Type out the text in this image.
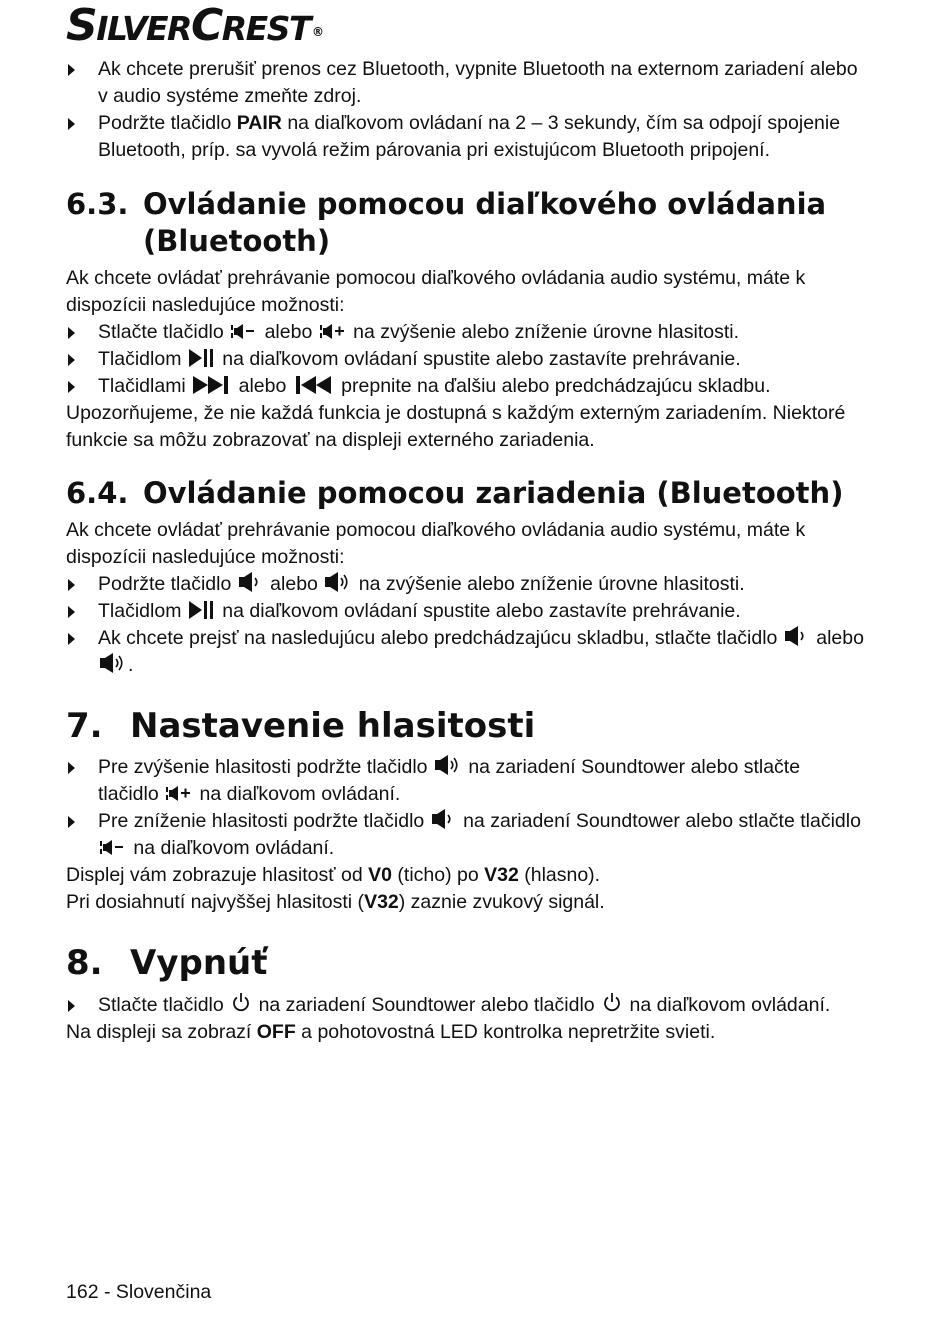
SILVERCREST ®

Ak chcete prerušiť prenos cez Bluetooth, vypnite Bluetooth na externom zariadení alebo v audio systéme zmeňte zdroj.

Podržte tlačidlo PAIR na diaľkovom ovládaní na 2 – 3 sekundy, čím sa odpojí spojenie Bluetooth, príp. sa vyvolá režim párovania pri existujúcom Bluetooth pripojení.

6.3. Ovládanie pomocou diaľkového ovládania (Bluetooth)

Ak chcete ovládať prehrávanie pomocou diaľkového ovládania audio systému, máte k dispozícii nasledujúce možnosti:

Stlačte tlačidlo  alebo  na zvýšenie alebo zníženie úrovne hlasitosti.

Tlačidlom  na diaľkovom ovládaní spustite alebo zastavíte prehrávanie.

Tlačidlami  alebo  prepnite na ďalšiu alebo predchádzajúcu skladbu.

Upozorňujeme, že nie každá funkcia je dostupná s každým externým zariadením. Niektoré funkcie sa môžu zobrazovať na displeji externého zariadenia.

6.4. Ovládanie pomocou zariadenia (Bluetooth)

Ak chcete ovládať prehrávanie pomocou diaľkového ovládania audio systému, máte k dispozícii nasledujúce možnosti:

Podržte tlačidlo  alebo  na zvýšenie alebo zníženie úrovne hlasitosti.

Tlačidlom  na diaľkovom ovládaní spustite alebo zastavíte prehrávanie.

Ak chcete prejsť na nasledujúcu alebo predchádzajúcu skladbu, stlačte tlačidlo  alebo .

7. Nastavenie hlasitosti

Pre zvýšenie hlasitosti podržte tlačidlo  na zariadení Soundtower alebo stlačte tlačidlo  na diaľkovom ovládaní.

Pre zníženie hlasitosti podržte tlačidlo  na zariadení Soundtower alebo stlačte tlačidlo  na diaľkovom ovládaní.

Displej vám zobrazuje hlasitosť od V0 (ticho) po V32 (hlasno).

Pri dosiahnutí najvyššej hlasitosti (V32) zaznie zvukový signál.

8. Vypnúť

Stlačte tlačidlo  na zariadení Soundtower alebo tlačidlo  na diaľkovom ovládaní.

Na displeji sa zobrazí OFF a pohotovostná LED kontrolka nepretržite svieti.

162 - Slovenčina
